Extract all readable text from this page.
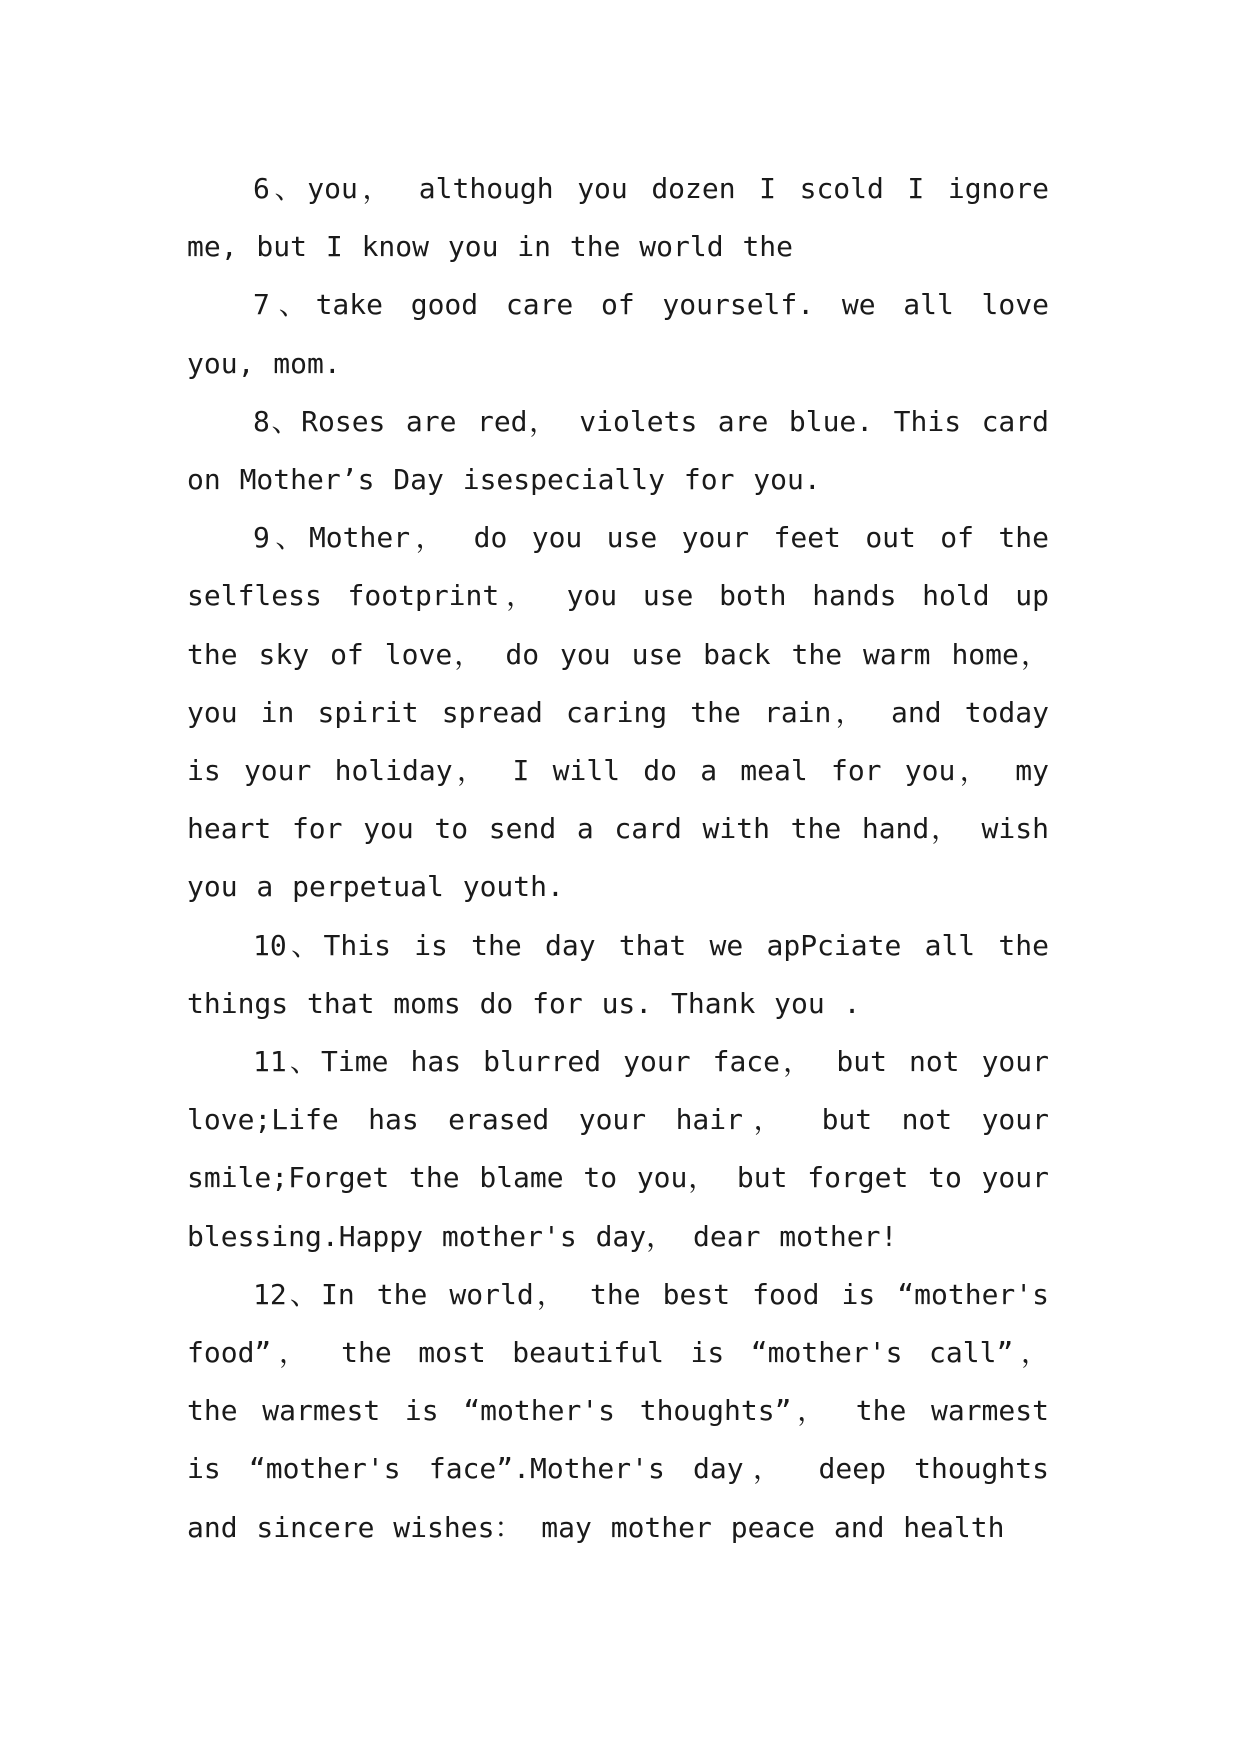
6、you， although you dozen I scold I ignore me, but I know you in the world the

7、take good care of yourself. we all love you, mom.

8、Roses are red， violets are blue. This card on Mother’s Day isespecially for you.

9、Mother， do you use your feet out of the selfless footprint， you use both hands hold up the sky of love， do you use back the warm home， you in spirit spread caring the rain， and today is your holiday， I will do a meal for you， my heart for you to send a card with the hand， wish you a perpetual youth.

10、This is the day that we apPciate all the things that moms do for us. Thank you .

11、Time has blurred your face， but not your love;Life has erased your hair， but not your smile;Forget the blame to you， but forget to your blessing.Happy mother's day， dear mother!

12、In the world， the best food is “mother's food”， the most beautiful is “mother's call”， the warmest is “mother's thoughts”， the warmest is “mother's face”.Mother's day， deep thoughts and sincere wishes： may mother peace and health
